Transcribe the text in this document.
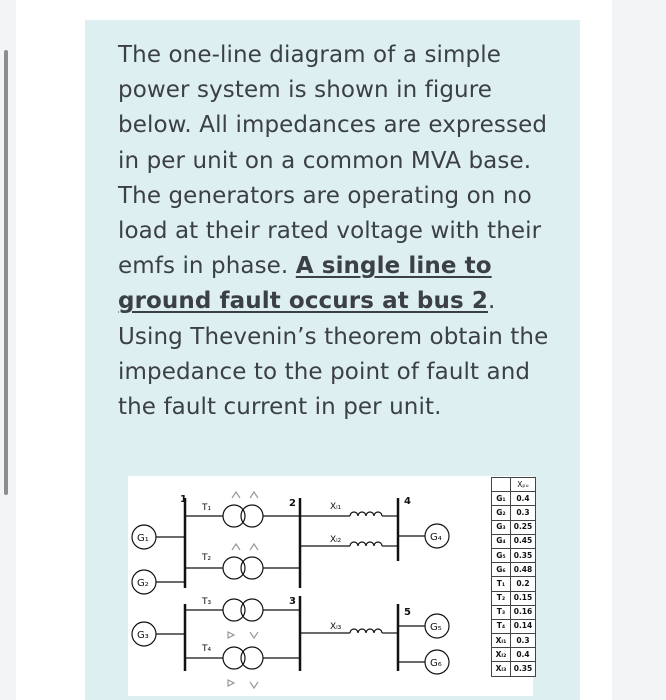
The one-line diagram of a simple power system is shown in figure below. All impedances are expressed in per unit on a common MVA base. The generators are operating on no load at their rated voltage with their emfs in phase. A single line to ground fault occurs at bus 2. Using Thevenin’s theorem obtain the impedance to the point of fault and the fault current in per unit.

G₁
G₂
G₃
1
T₁
T₂
T₃
T₄
2
3
Xₗ₁
Xₗ₂
Xₗ₃
4
5
G₄
G₅
G₆
	Xₚᵤ
G₁	0.4
G₂	0.3
G₃	0.25
G₄	0.45
G₅	0.35
G₆	0.48
T₁	0.2
T₂	0.15
T₃	0.16
T₄	0.14
Xₗ₁	0.3
Xₗ₂	0.4
Xₗ₃	0.35
